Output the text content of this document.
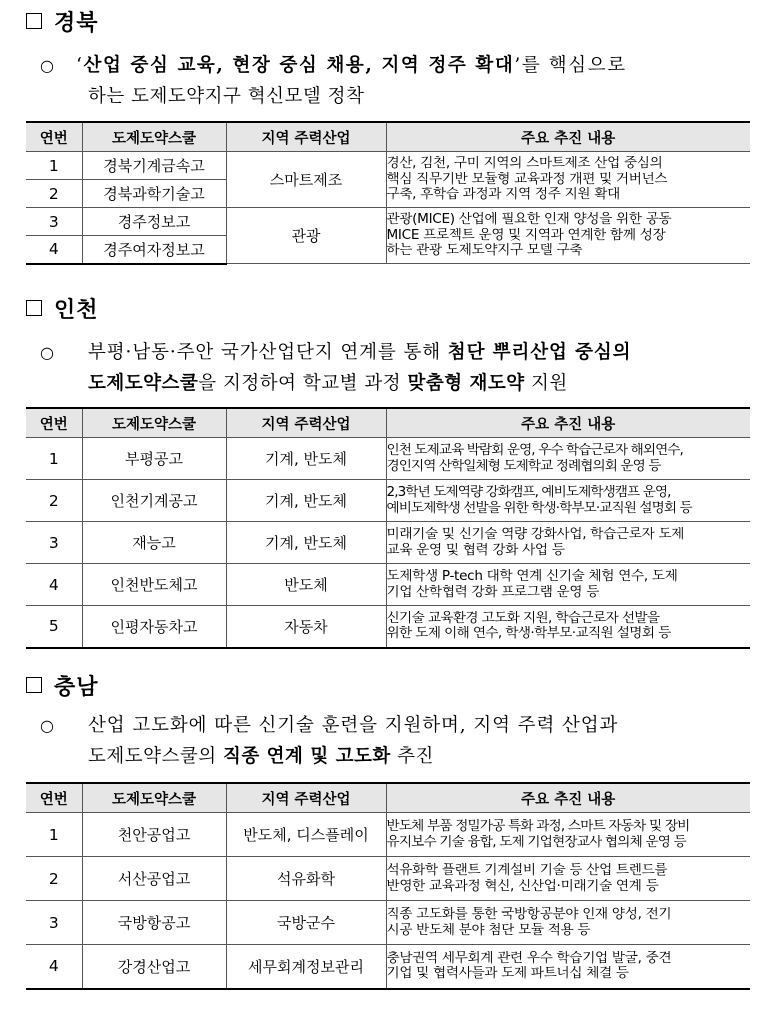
경북
○ ‘산업 중심 교육, 현장 중심 채용, 지역 정주 확대’를 핵심으로
하는 도제도약지구 혁신모델 정착
연번	도제도약스쿨	지역 주력산업	주요 추진 내용
1	경북기계금속고	스마트제조	경산, 김천, 구미 지역의 스마트제조 산업 중심의
핵심 직무기반 모듈형 교육과정 개편 및 거버넌스
구축, 후학습 과정과 지역 정주 지원 확대

2	경북과학기술고		
3	경주정보고	관광	관광(MICE) 산업에 필요한 인재 양성을 위한 공동
MICE 프로젝트 운영 및 지역과 연계한 함께 성장
하는 관광 도제도약지구 모델 구축

4	경주여자정보고		
인천
○ 부평·남동·주안 국가산업단지 연계를 통해 첨단 뿌리산업 중심의
도제도약스쿨을 지정하여 학교별 과정 맞춤형 재도약 지원
연번	도제도약스쿨	지역 주력산업	주요 추진 내용
1	부평공고	기계, 반도체	인천 도제교육 박람회 운영, 우수 학습근로자 해외연수,
경인지역 산학일체형 도제학교 정례협의회 운영 등

2	인천기계공고	기계, 반도체	2,3학년 도제역량 강화캠프, 예비도제학생캠프 운영,
예비도제학생 선발을 위한 학생·학부모·교직원 설명회 등

3	재능고	기계, 반도체	미래기술 및 신기술 역량 강화사업, 학습근로자 도제
교육 운영 및 협력 강화 사업 등

4	인천반도체고	반도체	도제학생 P-tech 대학 연계 신기술 체험 연수, 도제
기업 산학협력 강화 프로그램 운영 등

5	인평자동차고	자동차	신기술 교육환경 고도화 지원, 학습근로자 선발을
위한 도제 이해 연수, 학생·학부모·교직원 설명회 등
충남
○ 산업 고도화에 따른 신기술 훈련을 지원하며, 지역 주력 산업과
도제도약스쿨의 직종 연계 및 고도화 추진
연번	도제도약스쿨	지역 주력산업	주요 추진 내용
1	천안공업고	반도체, 디스플레이	반도체 부품 정밀가공 특화 과정, 스마트 자동차 및 장비
유지보수 기술 융합, 도제 기업현장교사 협의체 운영 등

2	서산공업고	석유화학	석유화학 플랜트 기계설비 기술 등 산업 트렌드를
반영한 교육과정 혁신, 신산업·미래기술 연계 등

3	국방항공고	국방군수	직종 고도화를 통한 국방항공분야 인재 양성, 전기
시공 반도체 분야 첨단 모듈 적용 등

4	강경산업고	세무회계정보관리	충남권역 세무회계 관련 우수 학습기업 발굴, 중견
기업 및 협력사들과 도제 파트너십 체결 등
